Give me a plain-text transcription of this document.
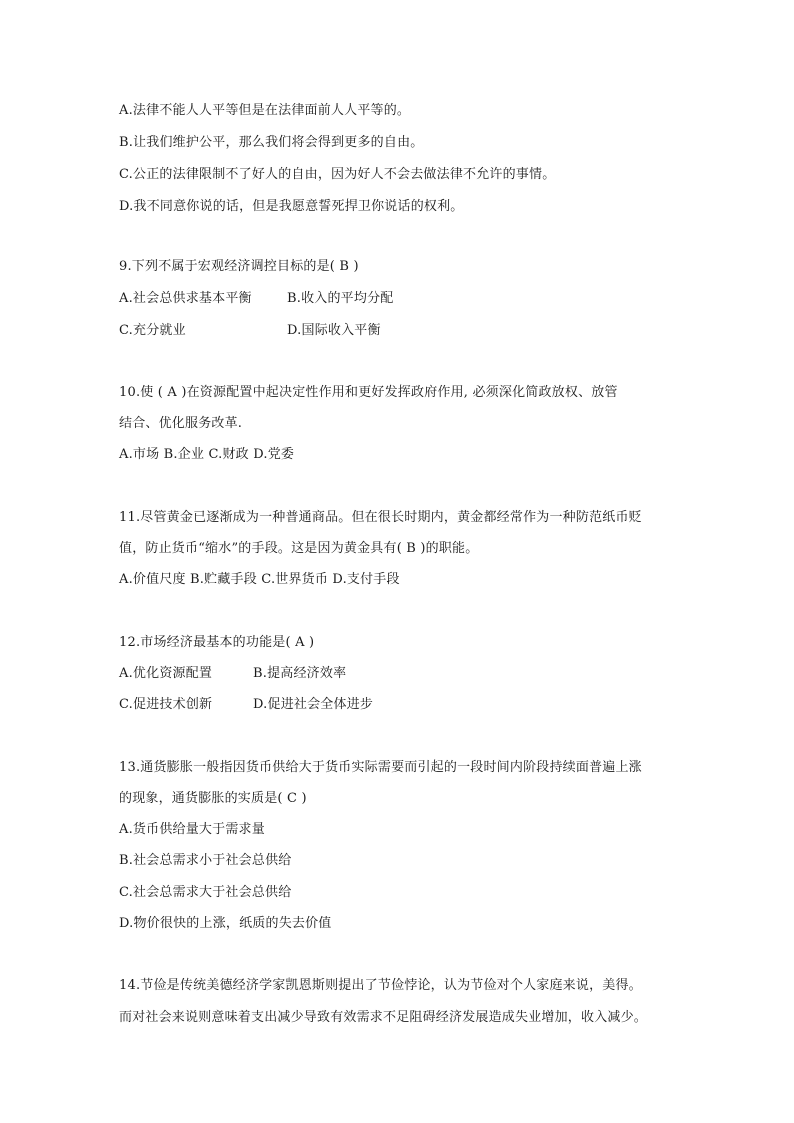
A.法律不能人人平等但是在法律面前人人平等的。
B.让我们维护公平，那么我们将会得到更多的自由。
C.公正的法律限制不了好人的自由，因为好人不会去做法律不允许的事情。
D.我不同意你说的话，但是我愿意誓死捍卫你说话的权利。
9.下列不属于宏观经济调控目标的是( B )
A.社会总供求基本平衡	B.收入的平均分配
C.充分就业	D.国际收入平衡
10.使 ( A )在资源配置中起决定性作用和更好发挥政府作用, 必须深化简政放权、放管
结合、优化服务改革.
A.市场 B.企业 C.财政 D.党委
11.尽管黄金已逐渐成为一种普通商品。但在很长时期内，黄金都经常作为一种防范纸币贬
值，防止货币“缩水”的手段。这是因为黄金具有( B )的职能。
A.价值尺度 B.贮藏手段 C.世界货币 D.支付手段
12.市场经济最基本的功能是( A )
A.优化资源配置	B.提高经济效率
C.促进技术创新	D.促进社会全体进步
13.通货膨胀一般指因货币供给大于货币实际需要而引起的一段时间内阶段持续面普遍上涨
的现象，通货膨胀的实质是( C )
A.货币供给量大于需求量
B.社会总需求小于社会总供给
C.社会总需求大于社会总供给
D.物价很快的上涨，纸质的失去价值
14.节俭是传统美德经济学家凯恩斯则提出了节俭悖论，认为节俭对个人家庭来说，美得。
而对社会来说则意味着支出减少导致有效需求不足阻碍经济发展造成失业增加，收入减少。
